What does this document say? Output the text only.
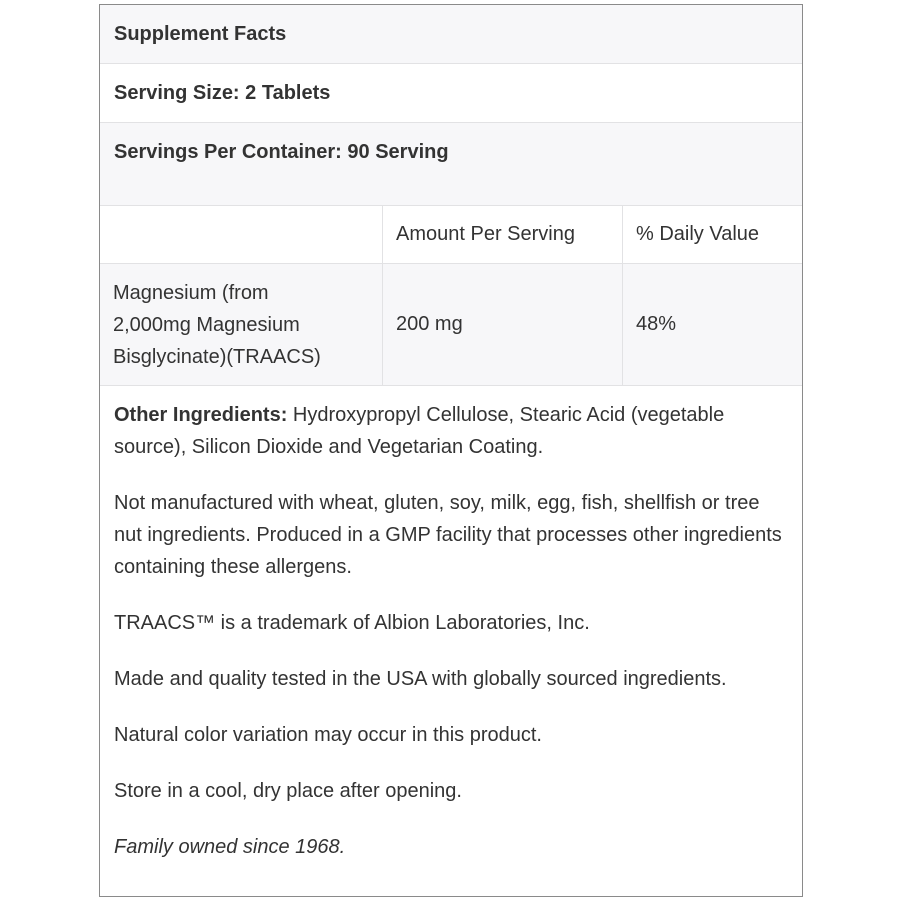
Supplement Facts
Serving Size: 2 Tablets
Servings Per Container: 90 Serving
Amount Per Serving	% Daily Value
Magnesium (from
2,000mg Magnesium
Bisglycinate)(TRAACS)
200 mg	48%

Other Ingredients: Hydroxypropyl Cellulose, Stearic Acid (vegetable source), Silicon Dioxide and Vegetarian Coating.

Not manufactured with wheat, gluten, soy, milk, egg, fish, shellfish or tree nut ingredients. Produced in a GMP facility that processes other ingredients containing these allergens.

TRAACS™ is a trademark of Albion Laboratories, Inc.

Made and quality tested in the USA with globally sourced ingredients.

Natural color variation may occur in this product.

Store in a cool, dry place after opening.

Family owned since 1968.
